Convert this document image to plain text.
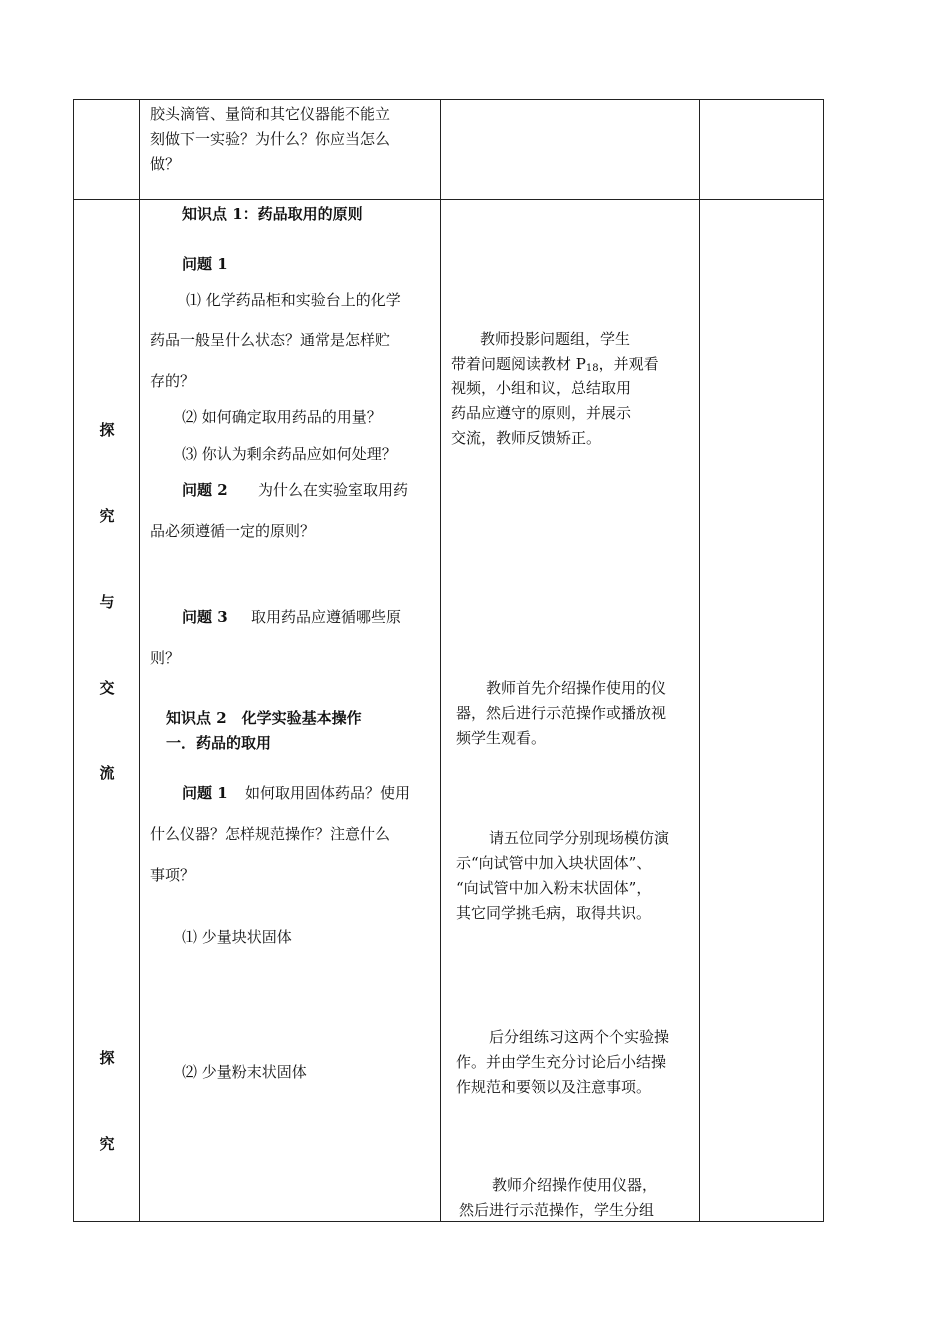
胶头滴管、量筒和其它仪器能不能立
刻做下一实验？为什么？你应当怎么
做？
探
究
与
交
流
探
究
知识点 1：药品取用的原则
问题 1
⑴ 化学药品柜和实验台上的化学
药品一般呈什么状态？通常是怎样贮
存的？
⑵ 如何确定取用药品的用量？
⑶ 你认为剩余药品应如何处理？
问题 2 为什么在实验室取用药
品必须遵循一定的原则？
问题 3 取用药品应遵循哪些原
则？
知识点 2　化学实验基本操作
一．药品的取用
问题 1 如何取用固体药品？使用
什么仪器？怎样规范操作？注意什么
事项？
⑴ 少量块状固体
⑵ 少量粉末状固体
教师投影问题组，学生
带着问题阅读教材 $P_{18}$，并观看
视频，小组和议，总结取用
药品应遵守的原则，并展示
交流，教师反馈矫正。
教师首先介绍操作使用的仪
器，然后进行示范操作或播放视
频学生观看。
请五位同学分别现场模仿演
示“向试管中加入块状固体”、
“向试管中加入粉末状固体”，
其它同学挑毛病，取得共识。
后分组练习这两个个实验操
作。并由学生充分讨论后小结操
作规范和要领以及注意事项。
教师介绍操作使用仪器，
然后进行示范操作，学生分组
